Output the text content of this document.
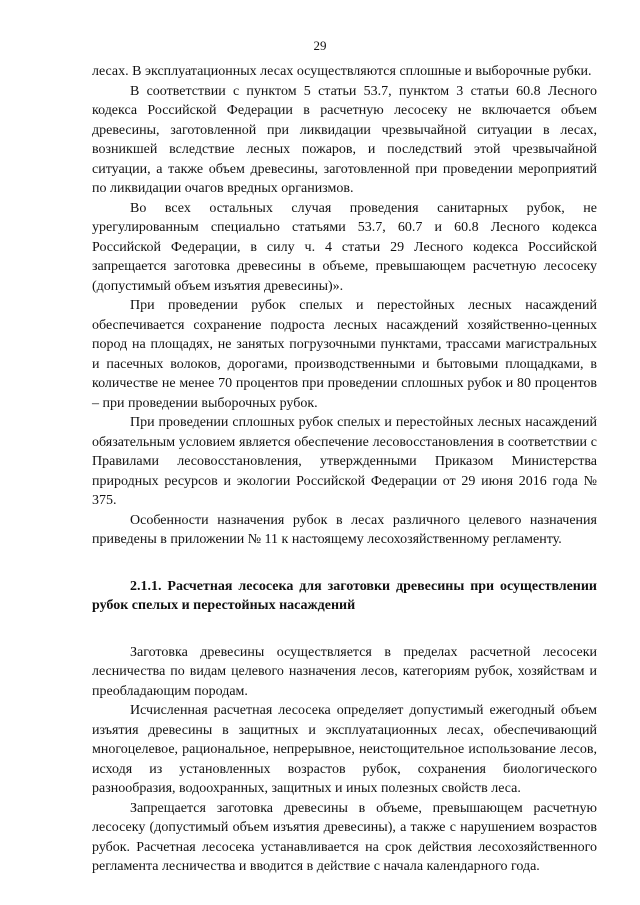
29

лесах. В эксплуатационных лесах осуществляются сплошные и выборочные рубки.

В соответствии с пунктом 5 статьи 53.7, пунктом 3 статьи 60.8 Лесного кодекса Российской Федерации в расчетную лесосеку не включается объем древесины, заготовленной при ликвидации чрезвычайной ситуации в лесах, возникшей вследствие лесных пожаров, и последствий этой чрезвычайной ситуации, а также объем древесины, заготовленной при проведении мероприятий по ликвидации очагов вредных организмов.

Во всех остальных случая проведения санитарных рубок, не урегулированным специально статьями 53.7, 60.7 и 60.8 Лесного кодекса Российской Федерации, в силу ч. 4 статьи 29 Лесного кодекса Российской запрещается заготовка древесины в объеме, превышающем расчетную лесосеку (допустимый объем изъятия древесины)».

При проведении рубок спелых и перестойных лесных насаждений обеспечивается сохранение подроста лесных насаждений хозяйственно-ценных пород на площадях, не занятых погрузочными пунктами, трассами магистральных и пасечных волоков, дорогами, производственными и бытовыми площадками, в количестве не менее 70 процентов при проведении сплошных рубок и 80 процентов – при проведении выборочных рубок.

При проведении сплошных рубок спелых и перестойных лесных насаждений обязательным условием является обеспечение лесовосстановления в соответствии с Правилами лесовосстановления, утвержденными Приказом Министерства природных ресурсов и экологии Российской Федерации от 29 июня 2016 года № 375.

Особенности назначения рубок в лесах различного целевого назначения приведены в приложении № 11 к настоящему лесохозяйственному регламенту.

2.1.1. Расчетная лесосека для заготовки древесины при осуществлении рубок спелых и перестойных насаждений

Заготовка древесины осуществляется в пределах расчетной лесосеки лесничества по видам целевого назначения лесов, категориям рубок, хозяйствам и преобладающим породам.

Исчисленная расчетная лесосека определяет допустимый ежегодный объем изъятия древесины в защитных и эксплуатационных лесах, обеспечивающий многоцелевое, рациональное, непрерывное, неистощительное использование лесов, исходя из установленных возрастов рубок, сохранения биологического разнообразия, водоохранных, защитных и иных полезных свойств леса.

Запрещается заготовка древесины в объеме, превышающем расчетную лесосеку (допустимый объем изъятия древесины), а также с нарушением возрастов рубок. Расчетная лесосека устанавливается на срок действия лесохозяйственного регламента лесничества и вводится в действие с начала календарного года.
